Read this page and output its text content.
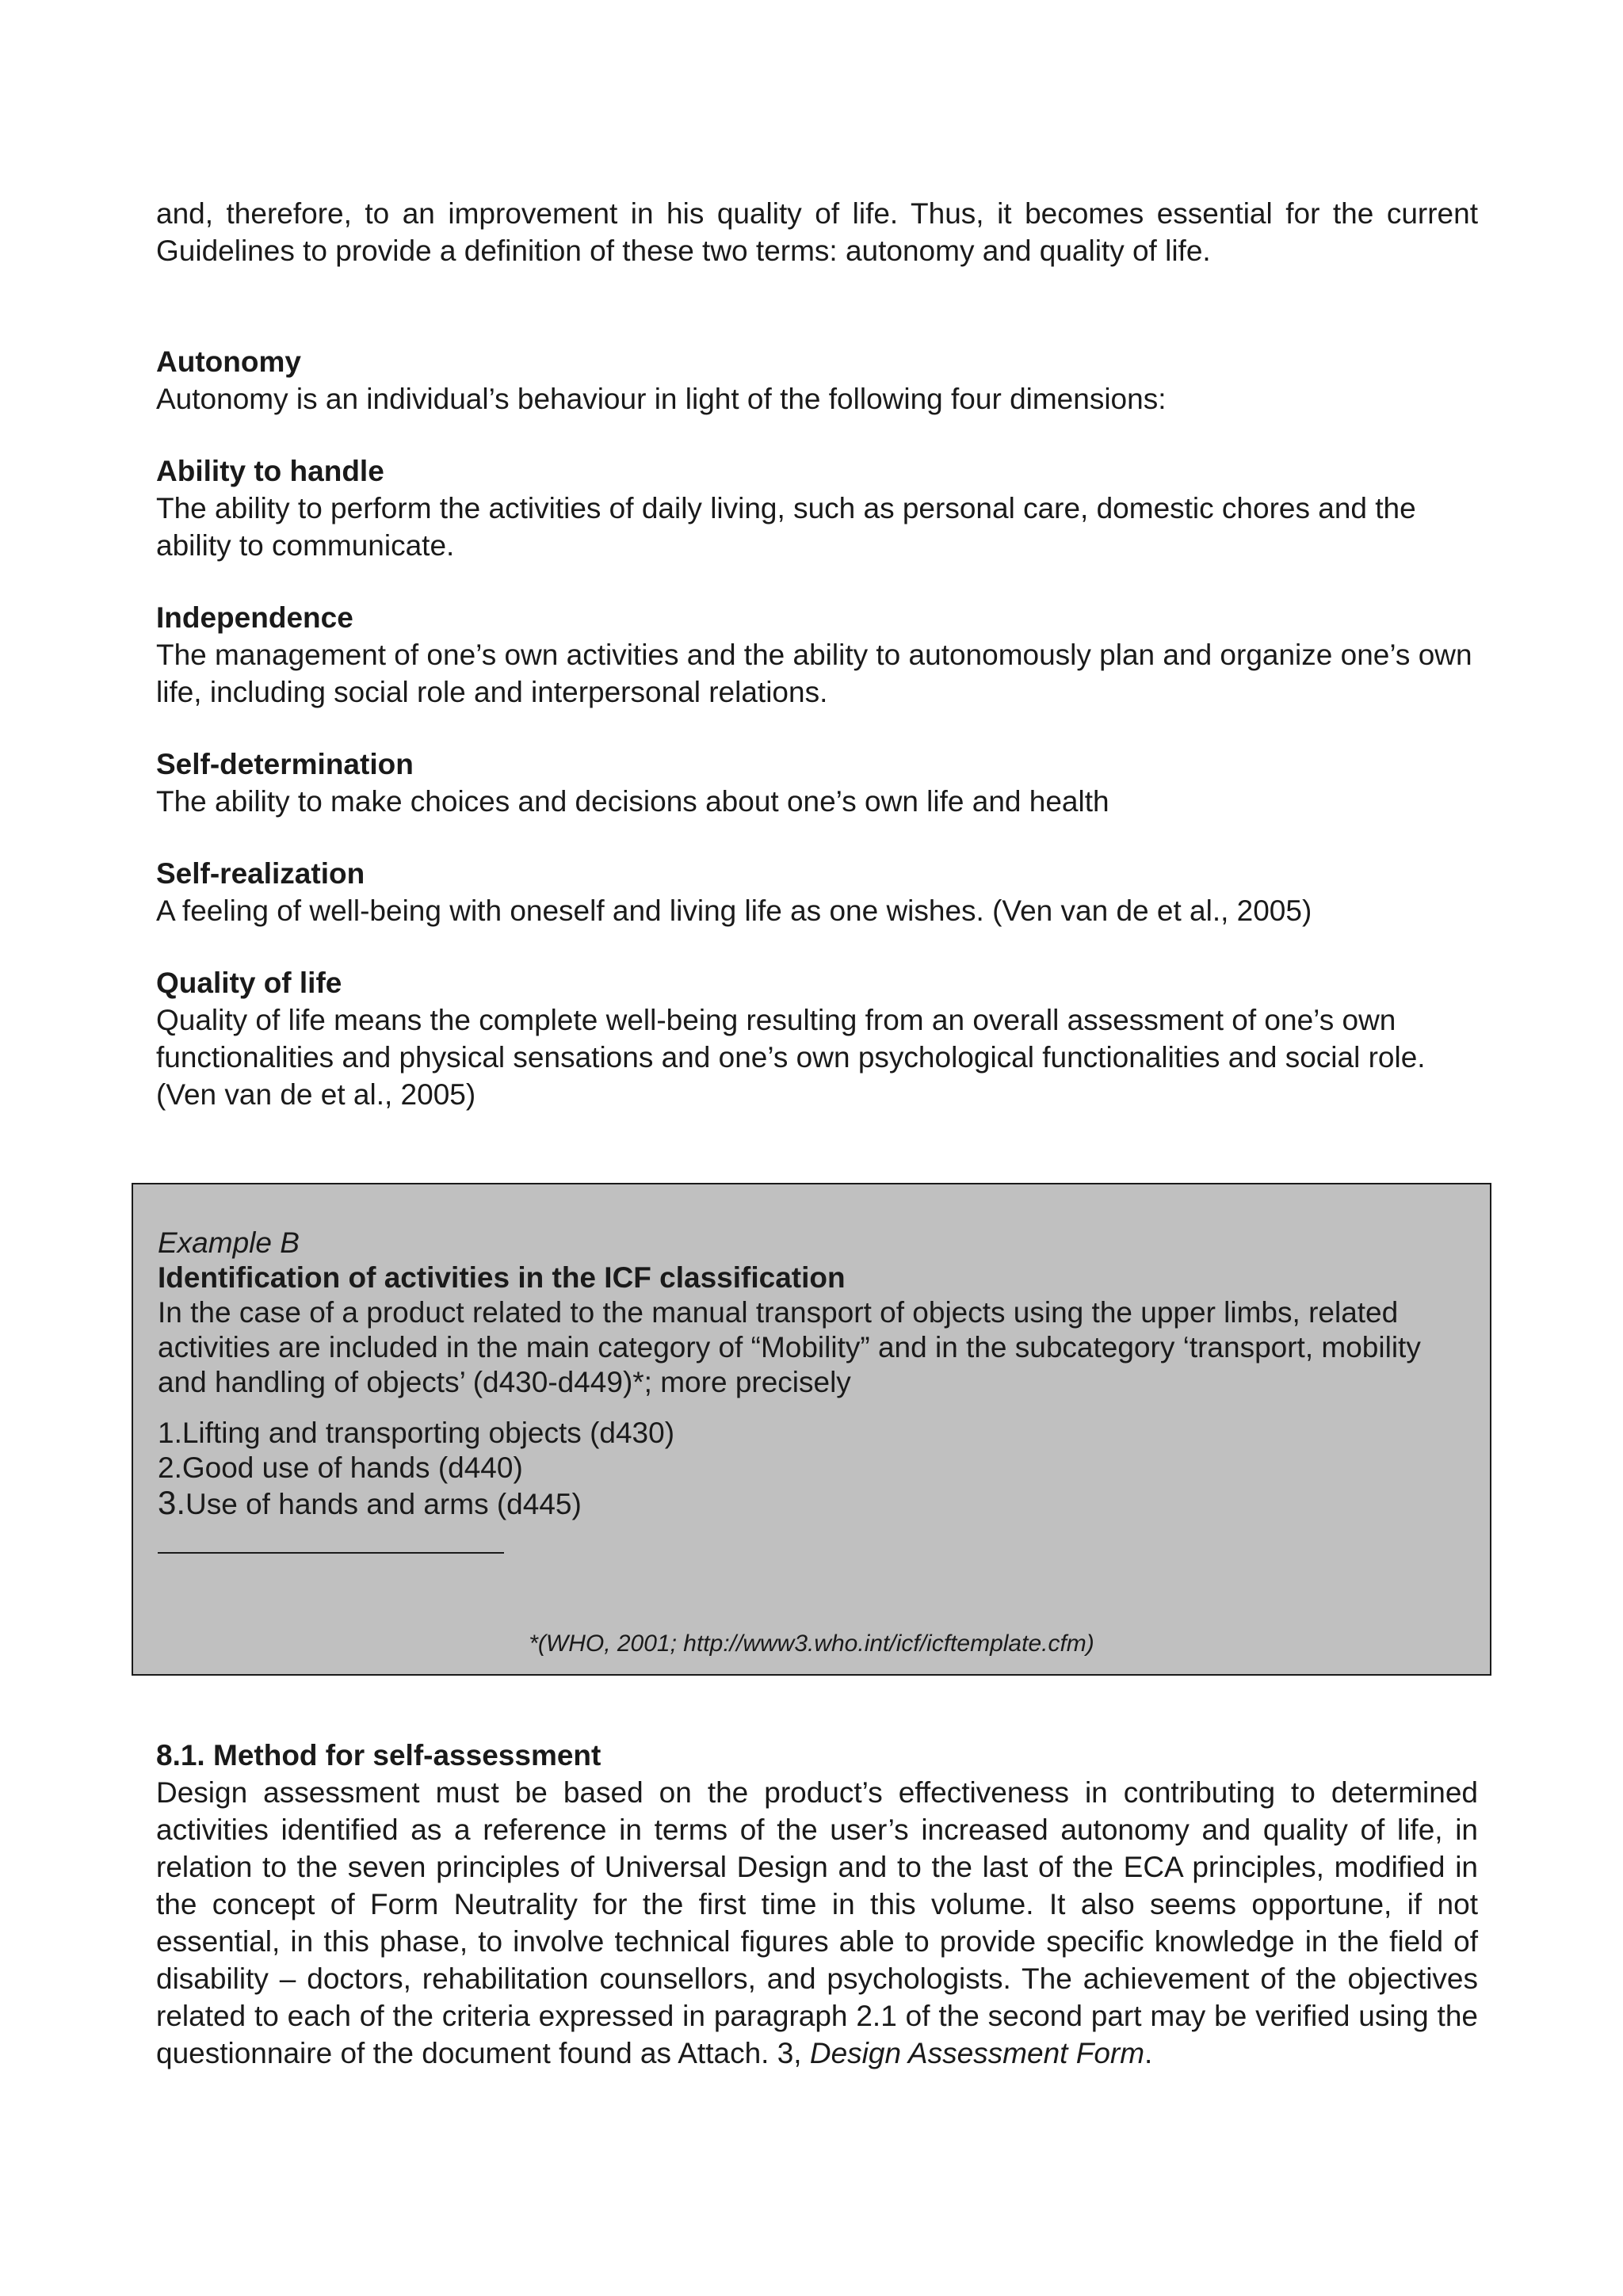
and, therefore, to an improvement in his quality of life. Thus, it becomes essential for the current Guidelines to provide a definition of these two terms: autonomy and quality of life.

Autonomy

Autonomy is an individual’s behaviour in light of the following four dimensions:

Ability to handle

The ability to perform the activities of daily living, such as personal care, domestic chores and the ability to communicate.

Independence

The management of one’s own activities and the ability to autonomously plan and organize one’s own life, including social role and interpersonal relations.

Self-determination

The ability to make choices and decisions about one’s own life and health

Self-realization

A feeling of well-being with oneself and living life as one wishes. (Ven van de et al., 2005)

Quality of life

Quality of life means the complete well-being resulting from an overall assessment of one’s own functionalities and physical sensations and one’s own psychological functionalities and social role. (Ven van de et al., 2005)

Example B

Identification of activities in the ICF classification

In the case of a product related to the manual transport of objects using the upper limbs, related activities are included in the main category of “Mobility” and in the subcategory ‘transport, mobility and handling of objects’ (d430-d449)*; more precisely

1.Lifting and transporting objects (d430)

2.Good use of hands (d440)

3.Use of hands and arms (d445)

*(WHO, 2001; http://www3.who.int/icf/icftemplate.cfm)

8.1. Method for self-assessment

Design assessment must be based on the product’s effectiveness in contributing to determined activities identified as a reference in terms of the user’s increased autonomy and quality of life, in relation to the seven principles of Universal Design and to the last of the ECA principles, modified in the concept of Form Neutrality for the first time in this volume. It also seems opportune, if not essential, in this phase, to involve technical figures able to provide specific knowledge in the field of disability – doctors, rehabilitation counsellors, and psychologists. The achievement of the objectives related to each of the criteria expressed in paragraph 2.1 of the second part may be verified using the questionnaire of the document found as Attach. 3, Design Assessment Form.
